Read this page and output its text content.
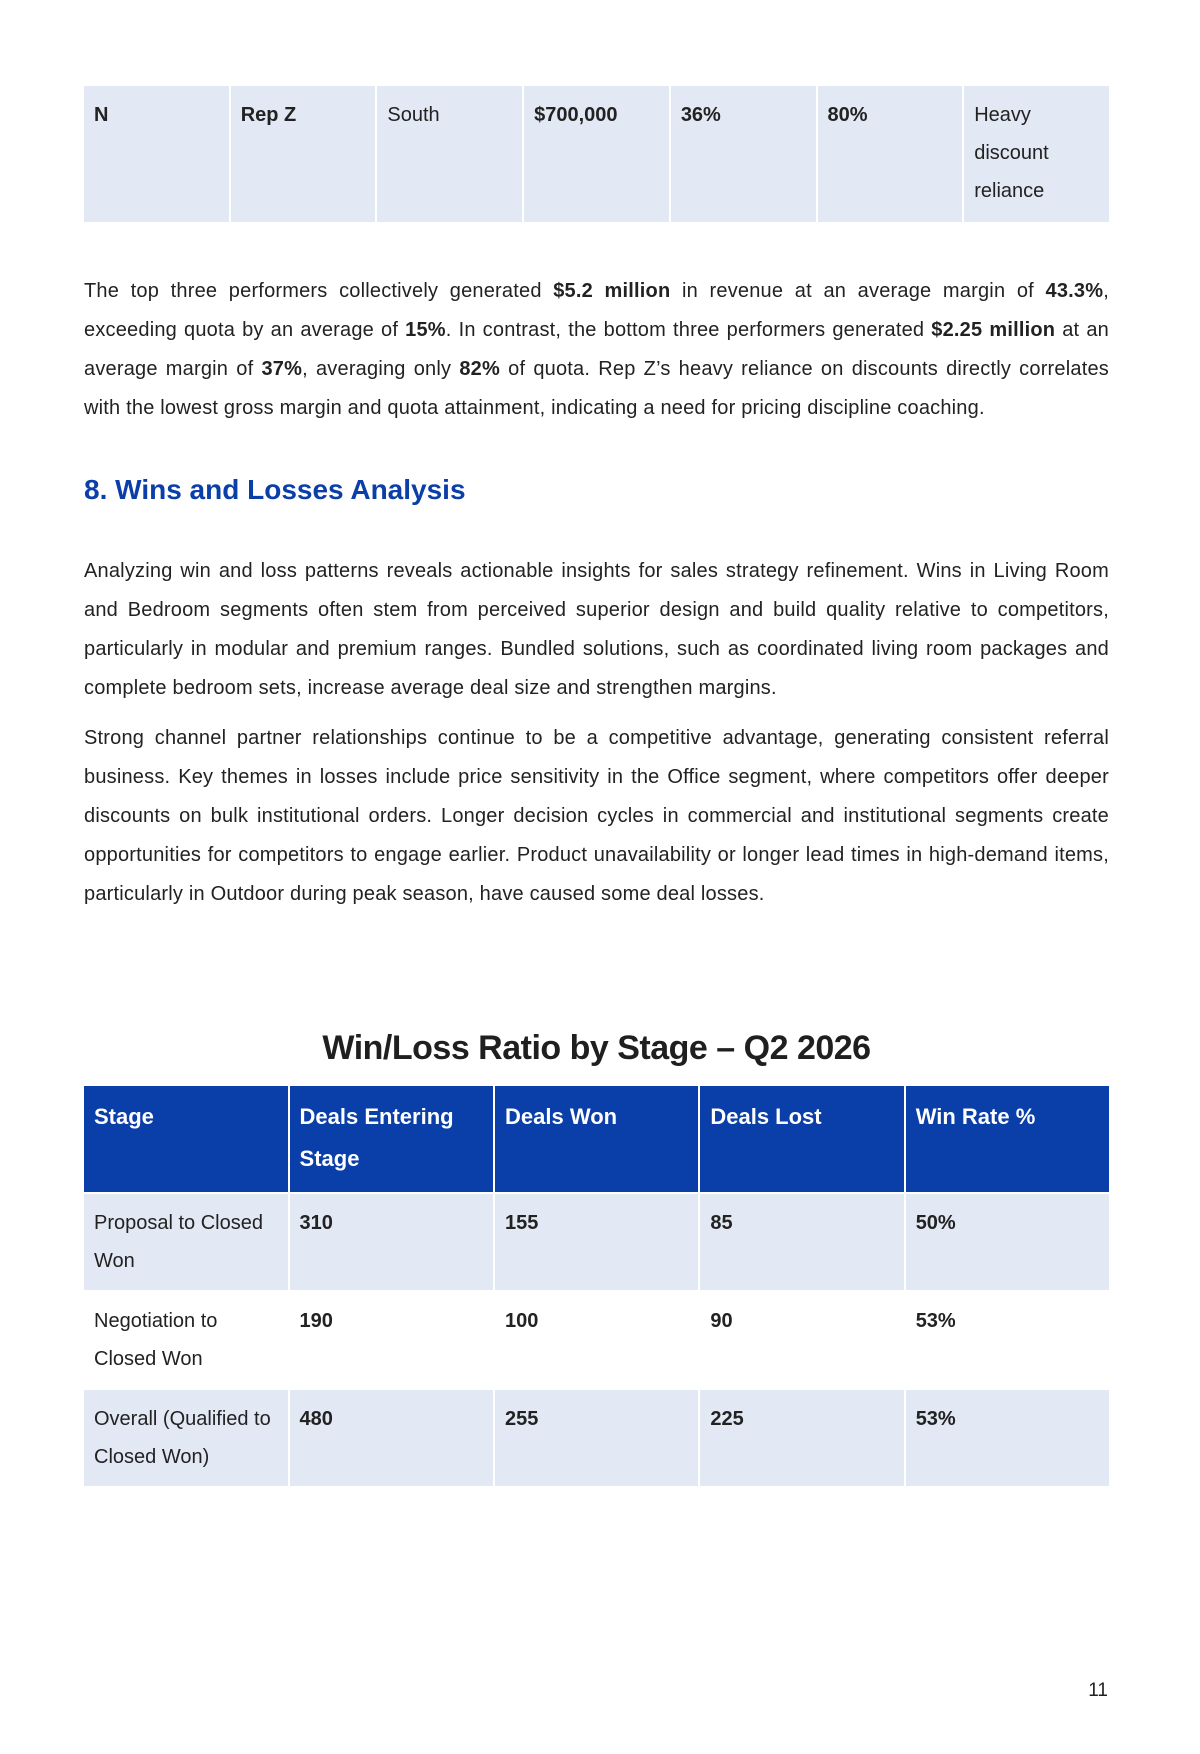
N	Rep Z	South	$700,000	36%	80%	Heavy discount reliance

The top three performers collectively generated $5.2 million in revenue at an average margin of 43.3%, exceeding quota by an average of 15%. In contrast, the bottom three performers generated $2.25 million at an average margin of 37%, averaging only 82% of quota. Rep Z’s heavy reliance on discounts directly correlates with the lowest gross margin and quota attainment, indicating a need for pricing discipline coaching.

8. Wins and Losses Analysis

Analyzing win and loss patterns reveals actionable insights for sales strategy refinement. Wins in Living Room and Bedroom segments often stem from perceived superior design and build quality relative to competitors, particularly in modular and premium ranges. Bundled solutions, such as coordinated living room packages and complete bedroom sets, increase average deal size and strengthen margins.

Strong channel partner relationships continue to be a competitive advantage, generating consistent referral business. Key themes in losses include price sensitivity in the Office segment, where competitors offer deeper discounts on bulk institutional orders. Longer decision cycles in commercial and institutional segments create opportunities for competitors to engage earlier. Product unavailability or longer lead times in high-demand items, particularly in Outdoor during peak season, have caused some deal losses.

Win/Loss Ratio by Stage – Q2 2026
Stage	Deals Entering Stage	Deals Won	Deals Lost	Win Rate %
Proposal to Closed Won	310	155	85	50%
Negotiation to Closed Won	190	100	90	53%
Overall (Qualified to Closed Won)	480	255	225	53%
11
